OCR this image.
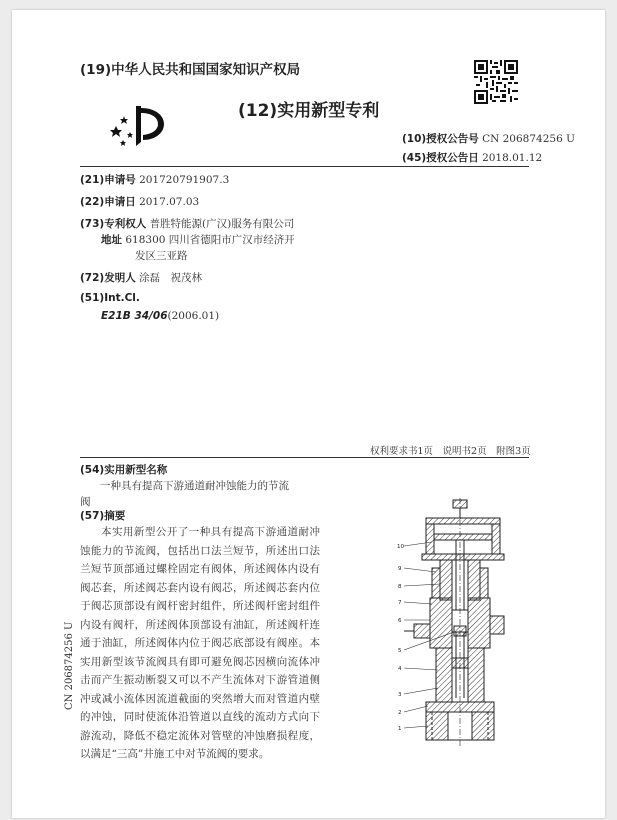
(19)中华人民共和国国家知识产权局
(12)实用新型专利
(10)授权公告号 CN 206874256 U
(45)授权公告日 2018.01.12
(21)申请号 201720791907.3
(22)申请日 2017.07.03
(73)专利权人 普胜特能源(广汉)服务有限公司
地址 618300 四川省德阳市广汉市经济开
发区三亚路
(72)发明人 涂磊　祝茂林
(51)Int.Cl.
E21B 34/06(2006.01)
权利要求书1页　说明书2页　附图3页
(54)实用新型名称
一种具有提高下游通道耐冲蚀能力的节流
阀
(57)摘要

本实用新型公开了一种具有提高下游通道耐冲蚀能力的节流阀，包括出口法兰短节，所述出口法兰短节顶部通过螺栓固定有阀体，所述阀体内设有阀芯套，所述阀芯套内设有阀芯，所述阀芯套内位于阀芯顶部设有阀杆密封组件，所述阀杆密封组件内设有阀杆，所述阀体顶部设有油缸，所述阀杆连通于油缸，所述阀体内位于阀芯底部设有阀座。本实用新型该节流阀具有即可避免阀芯因横向流体冲击而产生振动断裂又可以不产生流体对下游管道侧冲或减小流体因流道截面的突然增大而对管道内壁的冲蚀，同时使流体沿管道以直线的流动方式向下游流动，降低不稳定流体对管壁的冲蚀磨损程度，以满足“三高”井施工中对节流阀的要求。

CN 206874256 U
10
9
8
7
6
5
4
3
2
1
